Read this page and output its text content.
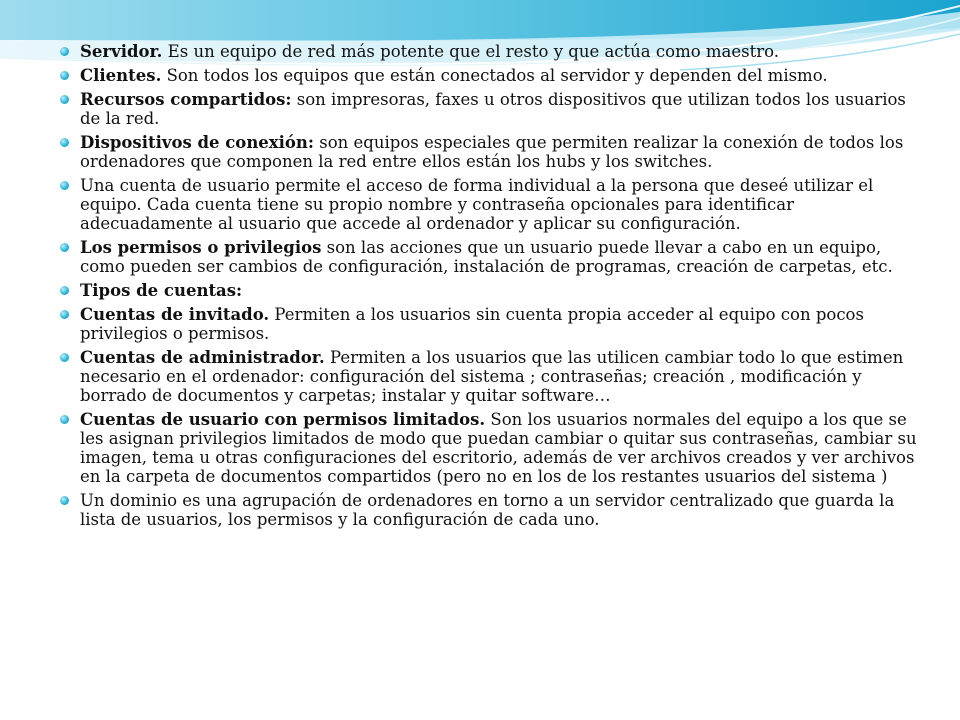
Servidor. Es un equipo de red más potente que el resto y que actúa como maestro.
Clientes. Son todos los equipos que están conectados al servidor y dependen del mismo.
Recursos compartidos: son impresoras, faxes u otros dispositivos que utilizan todos los usuarios de la red.
Dispositivos de conexión: son equipos especiales que permiten realizar la conexión de todos los ordenadores que componen la red entre ellos están los hubs y los switches.
Una cuenta de usuario permite el acceso de forma individual a la persona que deseé utilizar el equipo. Cada cuenta tiene su propio nombre y contraseña opcionales para identificar adecuadamente al usuario que accede al ordenador y aplicar su configuración.
Los permisos o privilegios son las acciones que un usuario puede llevar a cabo en un equipo, como pueden ser cambios de configuración, instalación de programas, creación de carpetas, etc.
Tipos de cuentas:
Cuentas de invitado. Permiten a los usuarios sin cuenta propia acceder al equipo con pocos privilegios o permisos.
Cuentas de administrador. Permiten a los usuarios que las utilicen cambiar todo lo que estimen necesario en el ordenador: configuración del sistema ; contraseñas; creación , modificación y borrado de documentos y carpetas; instalar y quitar software…
Cuentas de usuario con permisos limitados. Son los usuarios normales del equipo a los que se les asignan privilegios limitados de modo que puedan cambiar o quitar sus contraseñas, cambiar su imagen, tema u otras configuraciones del escritorio, además de ver archivos creados y ver archivos en la carpeta de documentos compartidos (pero no en los de los restantes usuarios del sistema )
Un dominio es una agrupación de ordenadores en torno a un servidor centralizado que guarda la lista de usuarios, los permisos y la configuración de cada uno.
